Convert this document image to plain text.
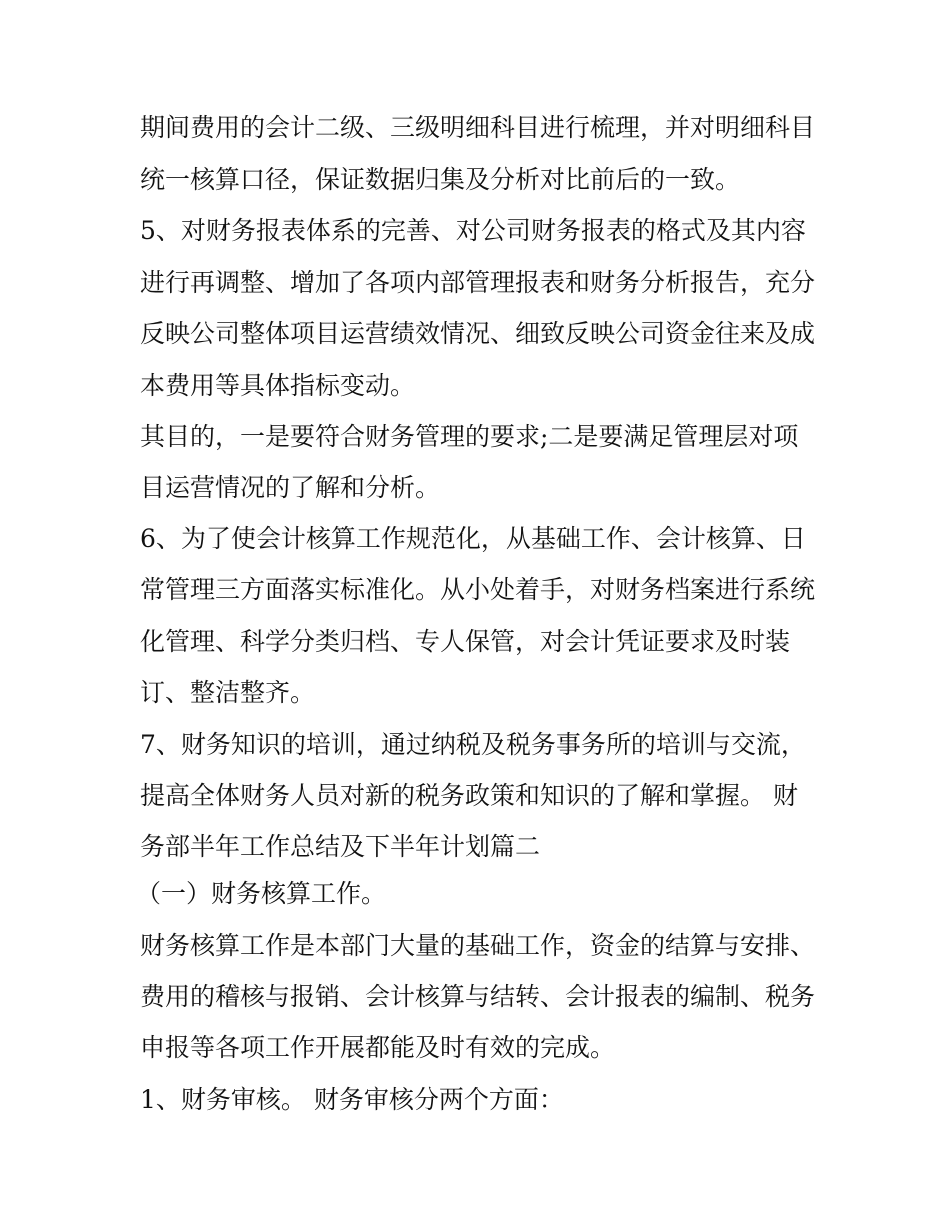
期间费用的会计二级、三级明细科目进行梳理，并对明细科目
统一核算口径，保证数据归集及分析对比前后的一致。
5、对财务报表体系的完善、对公司财务报表的格式及其内容
进行再调整、增加了各项内部管理报表和财务分析报告，充分
反映公司整体项目运营绩效情况、细致反映公司资金往来及成
本费用等具体指标变动。
其目的，一是要符合财务管理的要求;二是要满足管理层对项
目运营情况的了解和分析。
6、为了使会计核算工作规范化，从基础工作、会计核算、日
常管理三方面落实标准化。从小处着手，对财务档案进行系统
化管理、科学分类归档、专人保管，对会计凭证要求及时装
订、整洁整齐。
7、财务知识的培训，通过纳税及税务事务所的培训与交流，
提高全体财务人员对新的税务政策和知识的了解和掌握。 财
务部半年工作总结及下半年计划篇二
（一）财务核算工作。
财务核算工作是本部门大量的基础工作，资金的结算与安排、
费用的稽核与报销、会计核算与结转、会计报表的编制、税务
申报等各项工作开展都能及时有效的完成。
1、财务审核。 财务审核分两个方面：
